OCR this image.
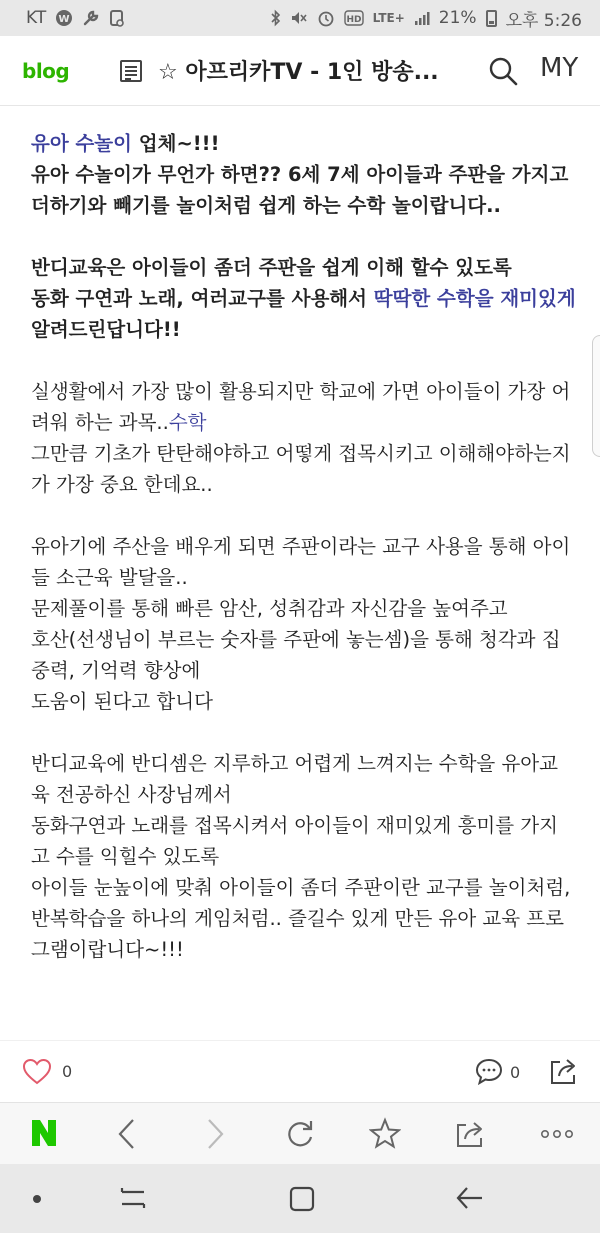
KT W	HD LTE+ 21% 오후 5:26
blog	☆ 아프리카TV - 1인 방송...	MY

유아 수놀이 업체~!!!
유아 수놀이가 무언가 하면?? 6세 7세 아이들과 주판을 가지고
더하기와 빼기를 놀이처럼 쉽게 하는 수학 놀이랍니다..

반디교육은 아이들이 좀더 주판을 쉽게 이해 할수 있도록
동화 구연과 노래, 여러교구를 사용해서 딱딱한 수학을 재미있게 알려드린답니다!!

실생활에서 가장 많이 활용되지만 학교에 가면 아이들이 가장 어려워 하는 과목..수학
그만큼 기초가 탄탄해야하고 어떻게 접목시키고 이해해야하는지가 가장 중요 한데요..

유아기에 주산을 배우게 되면 주판이라는 교구 사용을 통해 아이들 소근육 발달을..
문제풀이를 통해 빠른 암산, 성취감과 자신감을 높여주고
호산(선생님이 부르는 숫자를 주판에 놓는셈)을 통해 청각과 집중력, 기억력 향상에
도움이 된다고 합니다

반디교육에 반디셈은 지루하고 어렵게 느껴지는 수학을 유아교육 전공하신 사장님께서
동화구연과 노래를 접목시켜서 아이들이 재미있게 흥미를 가지고 수를 익힐수 있도록
아이들 눈높이에 맞춰 아이들이 좀더 주판이란 교구를 놀이처럼,
반복학습을 하나의 게임처럼.. 즐길수 있게 만든 유아 교육 프로그램이랍니다~!!!

0	0
